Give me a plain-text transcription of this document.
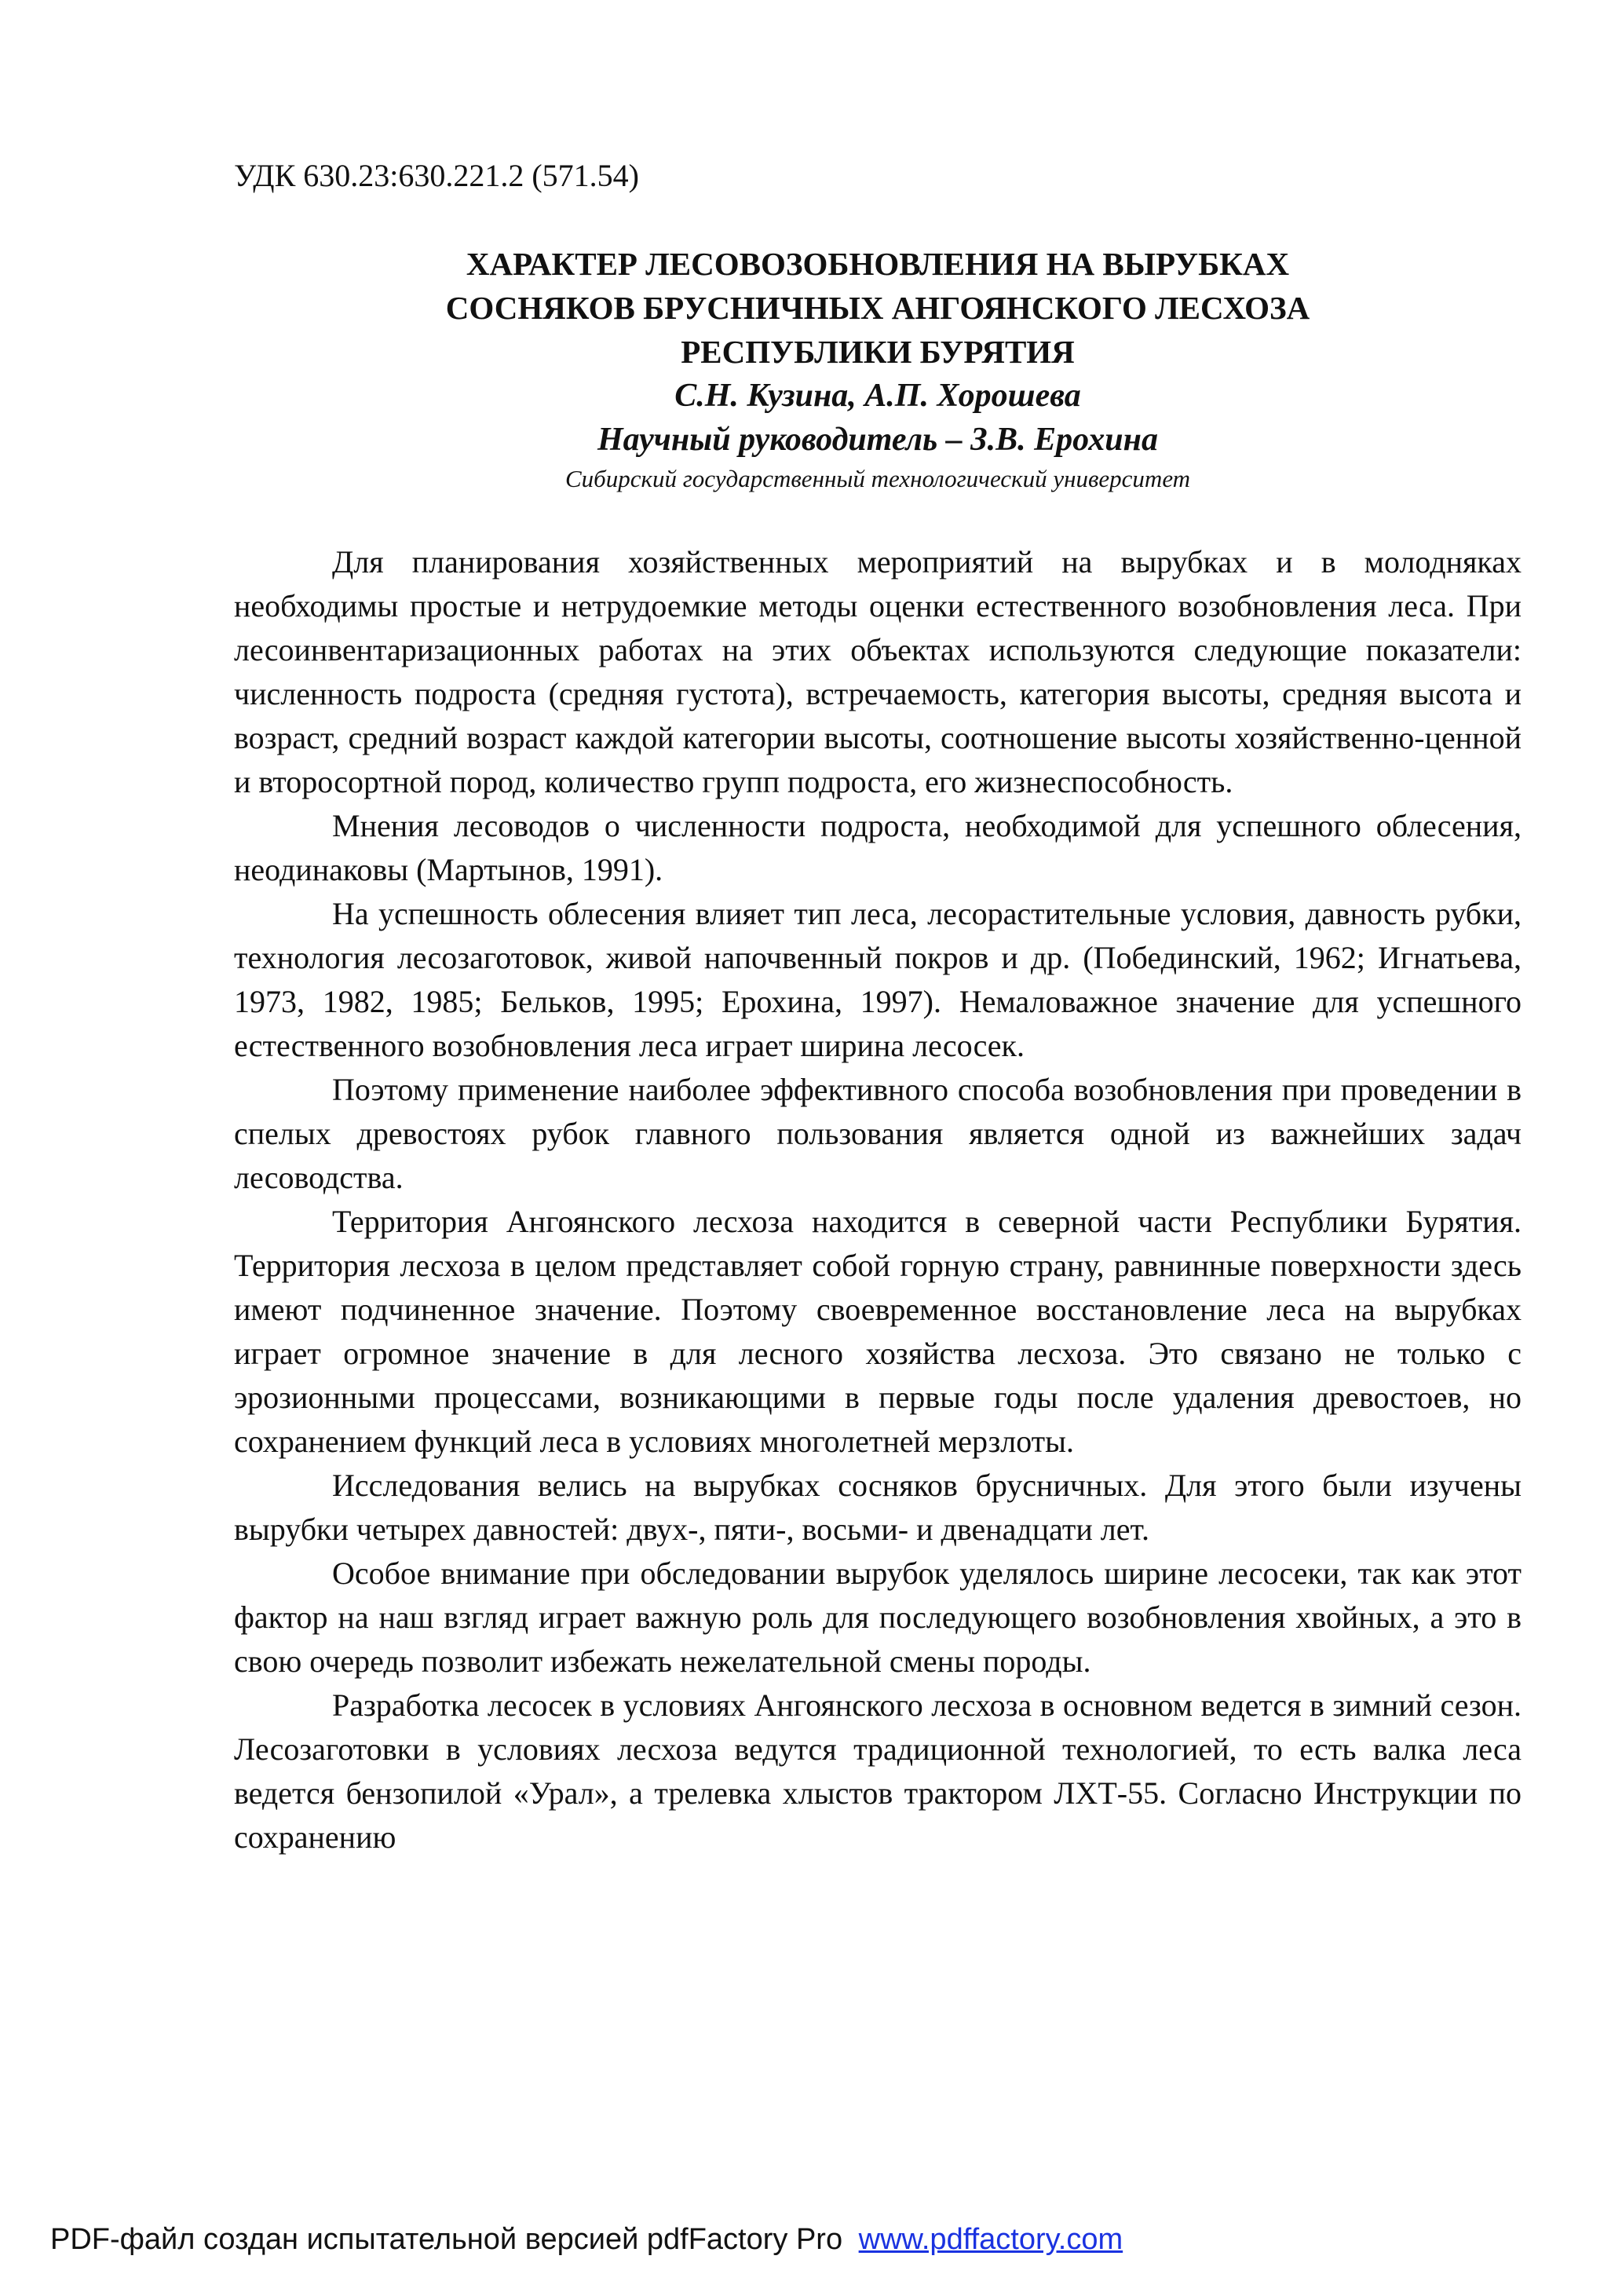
УДК 630.23:630.221.2 (571.54)
ХАРАКТЕР ЛЕСОВОЗОБНОВЛЕНИЯ НА ВЫРУБКАХ
СОСНЯКОВ БРУСНИЧНЫХ АНГОЯНСКОГО ЛЕСХОЗА
РЕСПУБЛИКИ БУРЯТИЯ
С.Н. Кузина, А.П. Хорошева
Научный руководитель – З.В. Ерохина
Сибирский государственный технологический университет

Для планирования хозяйственных мероприятий на вырубках и в молодняках необходимы простые и нетрудоемкие методы оценки естественного возобновления леса. При лесоинвентаризационных работах на этих объектах используются следующие показатели: численность подроста (средняя густота), встречаемость, категория высоты, средняя высота и возраст, средний возраст каждой категории высоты, соотношение высоты хозяйственно-ценной и второсортной пород, количество групп подроста, его жизнеспособность.

Мнения лесоводов о численности подроста, необходимой для успешного облесения, неодинаковы (Мартынов, 1991).

На успешность облесения влияет тип леса, лесорастительные условия, давность рубки, технология лесозаготовок, живой напочвенный покров и др. (Побединский, 1962; Игнатьева, 1973, 1982, 1985; Бельков, 1995; Ерохина, 1997). Немаловажное значение для успешного естественного возобновления леса играет ширина лесосек.

Поэтому применение наиболее эффективного способа возобновления при проведении в спелых древостоях рубок главного пользования является одной из важнейших задач лесоводства.

Территория Ангоянского лесхоза находится в северной части Республики Бурятия. Территория лесхоза в целом представляет собой горную страну, равнинные поверхности здесь имеют подчиненное значение. Поэтому своевременное восстановление леса на вырубках играет огромное значение в для лесного хозяйства лесхоза. Это связано не только с эрозионными процессами, возникающими в первые годы после удаления древостоев, но сохранением функций леса в условиях многолетней мерзлоты.

Исследования велись на вырубках сосняков брусничных. Для этого были изучены вырубки четырех давностей: двух-, пяти-, восьми- и двенадцати лет.

Особое внимание при обследовании вырубок уделялось ширине лесосеки, так как этот фактор на наш взгляд играет важную роль для последующего возобновления хвойных, а это в свою очередь позволит избежать нежелательной смены породы.

Разработка лесосек в условиях Ангоянского лесхоза в основном ведется в зимний сезон. Лесозаготовки в условиях лесхоза ведутся традиционной технологией, то есть валка леса ведется бензопилой «Урал», а трелевка хлыстов трактором ЛХТ-55. Согласно Инструкции по сохранению

PDF-файл создан испытательной версией pdfFactory Pro www.pdffactory.com
